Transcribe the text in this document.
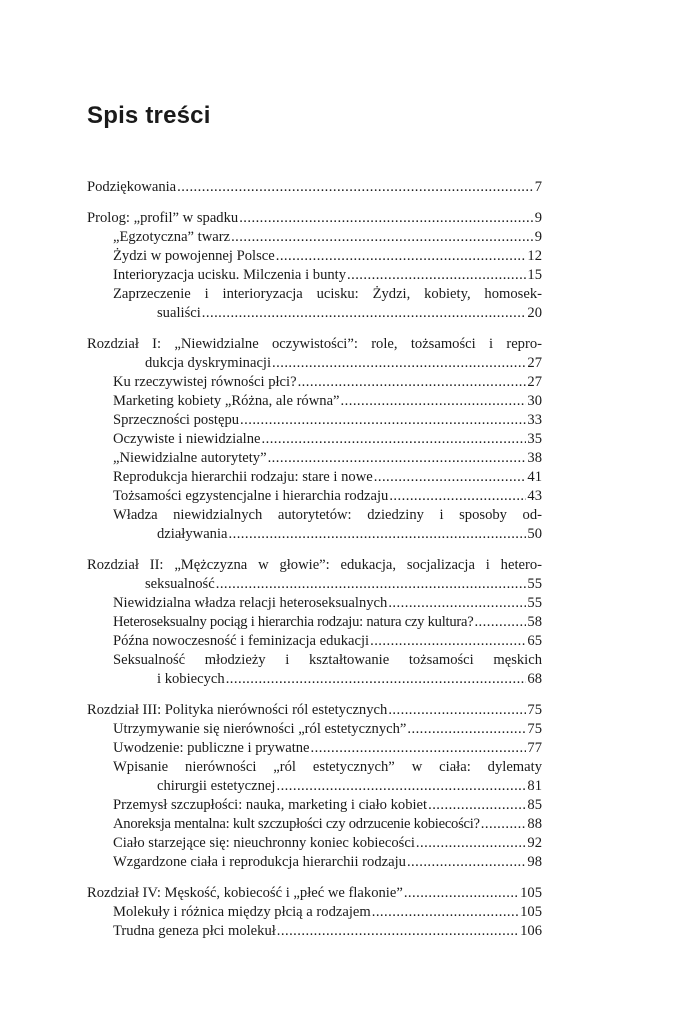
Spis treści
Podziękowania . . .	7
Prolog: „profil” w spadku . . .	9
„Egzotyczna” twarz . . .	9
Żydzi w powojennej Polsce . . .	12
Interioryzacja ucisku. Milczenia i bunty . . .	15
Zaprzeczenie i interioryzacja ucisku: Żydzi, kobiety, homosek-
sualiści . . .	20
Rozdział I: „Niewidzialne oczywistości”: role, tożsamości i repro-
dukcja dyskryminacji . . .	27
Ku rzeczywistej równości płci? . . .	27
Marketing kobiety „Różna, ale równa” . . .	30
Sprzeczności postępu . . .	33
Oczywiste i niewidzialne . . .	35
„Niewidzialne autorytety” . . .	38
Reprodukcja hierarchii rodzaju: stare i nowe . . .	41
Tożsamości egzystencjalne i hierarchia rodzaju . . .	43
Władza niewidzialnych autorytetów: dziedziny i sposoby od-
działywania . . .	50
Rozdział II: „Mężczyzna w głowie”: edukacja, socjalizacja i hetero-
seksualność . . .	55
Niewidzialna władza relacji heteroseksualnych . . .	55
Heteroseksualny pociąg i hierarchia rodzaju: natura czy kultura? . . .	58
Późna nowoczesność i feminizacja edukacji . . .	65
Seksualność młodzieży i kształtowanie tożsamości męskich
i kobiecych . . .	68
Rozdział III: Polityka nierówności ról estetycznych . . .	75
Utrzymywanie się nierówności „ról estetycznych” . . .	75
Uwodzenie: publiczne i prywatne . . .	77
Wpisanie nierówności „ról estetycznych” w ciała: dylematy
chirurgii estetycznej . . .	81
Przemysł szczupłości: nauka, marketing i ciało kobiet . . .	85
Anoreksja mentalna: kult szczupłości czy odrzucenie kobiecości? . . .	88
Ciało starzejące się: nieuchronny koniec kobiecości . . .	92
Wzgardzone ciała i reprodukcja hierarchii rodzaju . . .	98
Rozdział IV: Męskość, kobiecość i „płeć we flakonie” . . .	105
Molekuły i różnica między płcią a rodzajem . . .	105
Trudna geneza płci molekuł . . .	106
